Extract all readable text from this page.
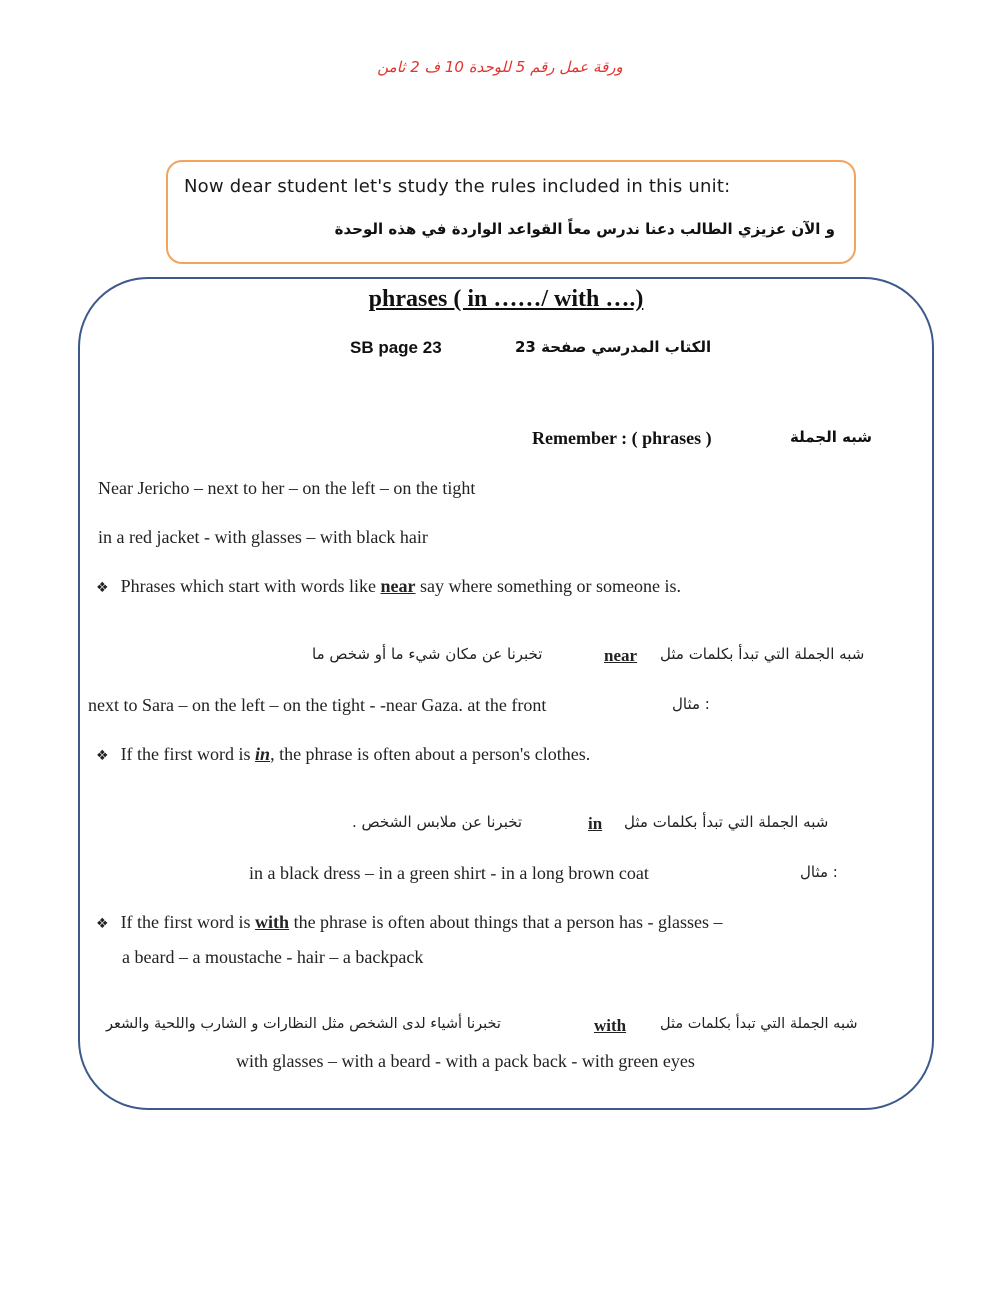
ورقة عمل رقم 5 للوحدة 10 ف 2 ثامن
Now dear student let's study the rules included in this unit:
و الآن عزيزي الطالب دعنا ندرس معاً القواعد الواردة في هذه الوحدة
phrases ( in ……/ with ….)
SB page 23	الكتاب المدرسي صفحة 23
Remember : ( phrases )	شبه الجملة
Near Jericho – next to her – on the left – on the tight
in a red jacket - with glasses – with black hair
❖ Phrases which start with words like near say where something or someone is.
تخبرنا عن مكان شيء ما أو شخص ما	near شبه الجملة التي تبدأ بكلمات مثل
next to Sara – on the left – on the tight - -near Gaza. at the front	: مثال
❖ If the first word is in, the phrase is often about a person's clothes.
تخبرنا عن ملابس الشخص .	in شبه الجملة التي تبدأ بكلمات مثل
in a black dress – in a green shirt - in a long brown coat	: مثال
❖ If the first word is with the phrase is often about things that a person has - glasses –
a beard – a moustache - hair – a backpack
تخبرنا أشياء لدى الشخص مثل النظارات و الشارب واللحية والشعر	with شبه الجملة التي تبدأ بكلمات مثل
with glasses – with a beard - with a pack back - with green eyes
